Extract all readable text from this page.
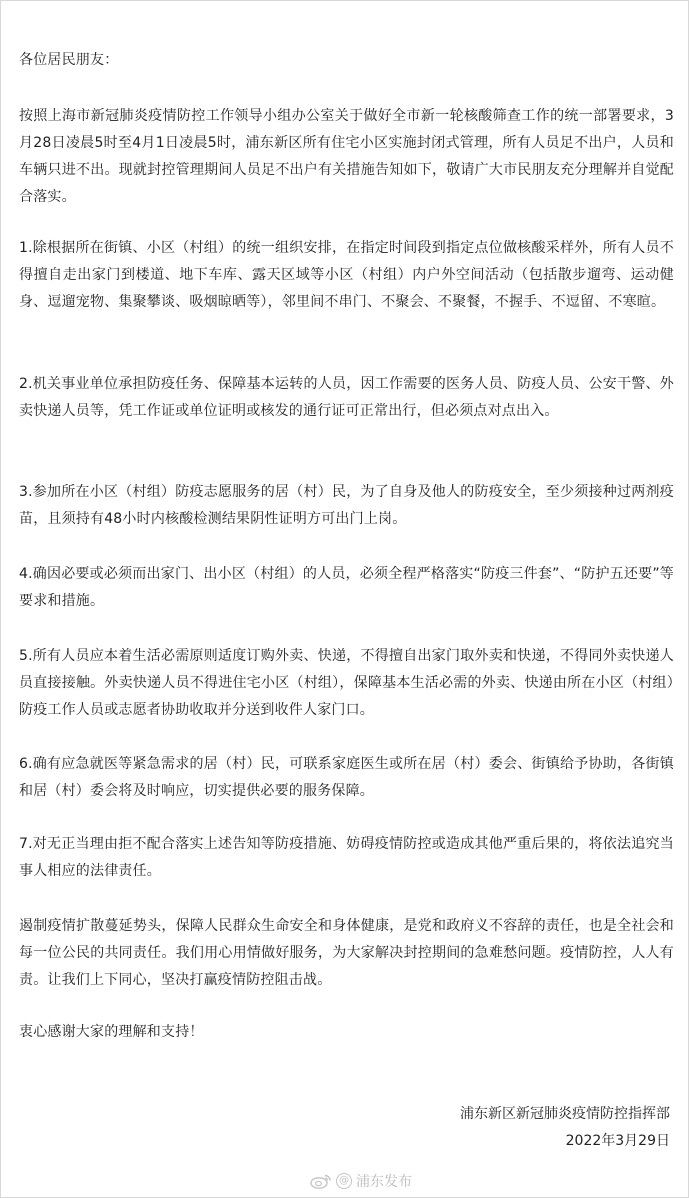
各位居民朋友：

按照上海市新冠肺炎疫情防控工作领导小组办公室关于做好全市新一轮核酸筛查工作的统一部署要求，3月28日凌晨5时至4月1日凌晨5时，浦东新区所有住宅小区实施封闭式管理，所有人员足不出户，人员和车辆只进不出。现就封控管理期间人员足不出户有关措施告知如下，敬请广大市民朋友充分理解并自觉配合落实。

1.除根据所在街镇、小区（村组）的统一组织安排，在指定时间段到指定点位做核酸采样外，所有人员不得擅自走出家门到楼道、地下车库、露天区域等小区（村组）内户外空间活动（包括散步遛弯、运动健身、逗遛宠物、集聚攀谈、吸烟晾晒等），邻里间不串门、不聚会、不聚餐，不握手、不逗留、不寒暄。

2.机关事业单位承担防疫任务、保障基本运转的人员，因工作需要的医务人员、防疫人员、公安干警、外卖快递人员等，凭工作证或单位证明或核发的通行证可正常出行，但必须点对点出入。

3.参加所在小区（村组）防疫志愿服务的居（村）民，为了自身及他人的防疫安全，至少须接种过两剂疫苗，且须持有48小时内核酸检测结果阴性证明方可出门上岗。

4.确因必要或必须而出家门、出小区（村组）的人员，必须全程严格落实“防疫三件套”、“防护五还要”等要求和措施。

5.所有人员应本着生活必需原则适度订购外卖、快递，不得擅自出家门取外卖和快递，不得同外卖快递人员直接接触。外卖快递人员不得进住宅小区（村组），保障基本生活必需的外卖、快递由所在小区（村组）防疫工作人员或志愿者协助收取并分送到收件人家门口。

6.确有应急就医等紧急需求的居（村）民，可联系家庭医生或所在居（村）委会、街镇给予协助，各街镇和居（村）委会将及时响应，切实提供必要的服务保障。

7.对无正当理由拒不配合落实上述告知等防疫措施、妨碍疫情防控或造成其他严重后果的，将依法追究当事人相应的法律责任。

遏制疫情扩散蔓延势头，保障人民群众生命安全和身体健康，是党和政府义不容辞的责任，也是全社会和每一位公民的共同责任。我们用心用情做好服务，为大家解决封控期间的急难愁问题。疫情防控，人人有责。让我们上下同心，坚决打赢疫情防控阻击战。

衷心感谢大家的理解和支持！

浦东新区新冠肺炎疫情防控指挥部
2022年3月29日
@ 浦东发布
